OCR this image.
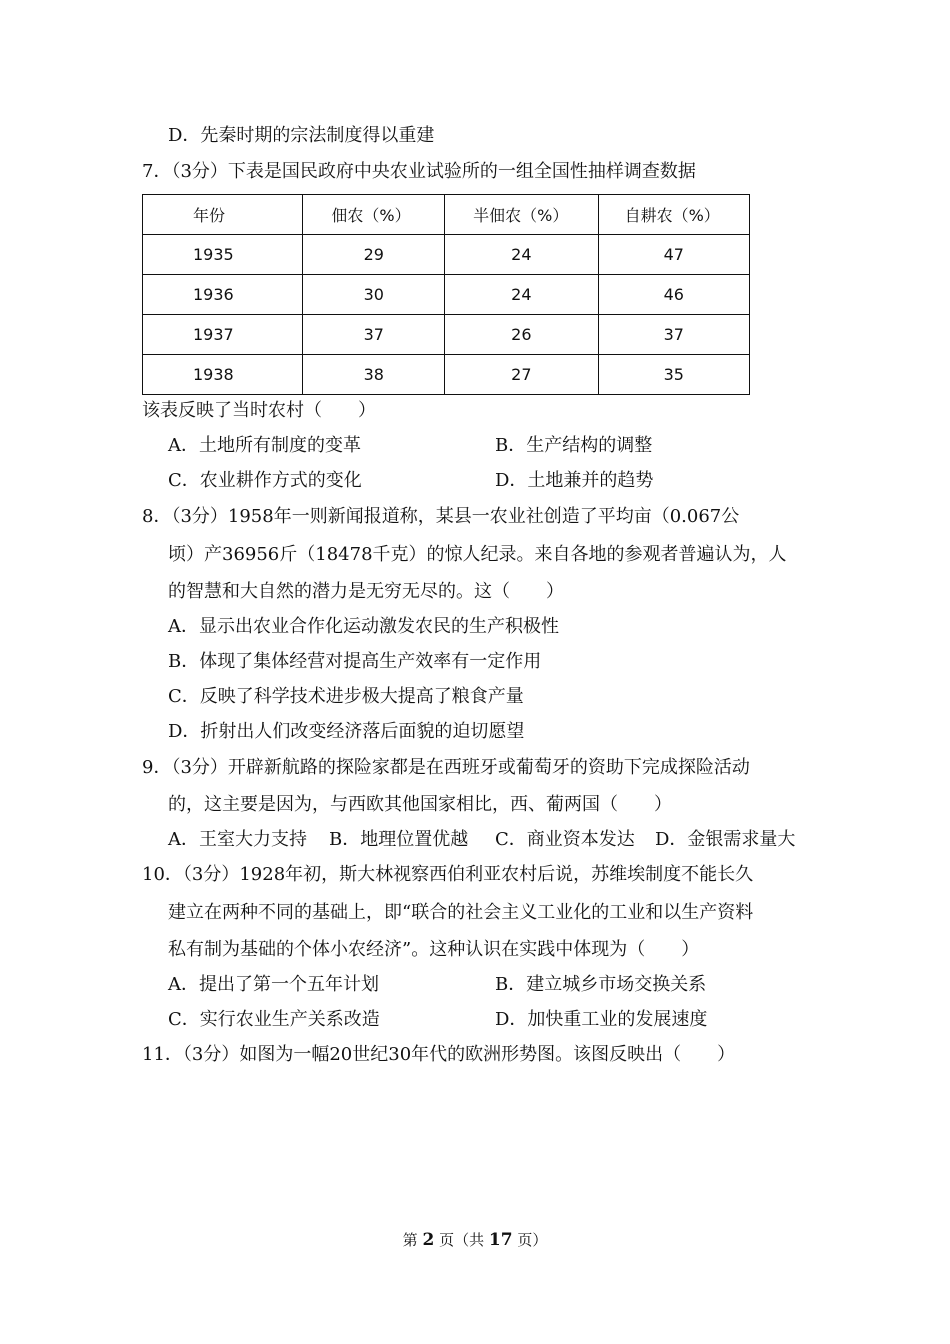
D．先秦时期的宗法制度得以重建
7．（3分）下表是国民政府中央农业试验所的一组全国性抽样调查数据
年份	佃农（%）	半佃农（%）	自耕农（%）
1935	29	24	47
1936	30	24	46
1937	37	26	37
1938	38	27	35
该表反映了当时农村（　　）
A．土地所有制度的变革	B．生产结构的调整
C．农业耕作方式的变化	D．土地兼并的趋势
8．（3分）1958年一则新闻报道称，某县一农业社创造了平均亩（0.067公
顷）产36956斤（18478千克）的惊人纪录。来自各地的参观者普遍认为，人
的智慧和大自然的潜力是无穷无尽的。这（　　）
A．显示出农业合作化运动激发农民的生产积极性
B．体现了集体经营对提高生产效率有一定作用
C．反映了科学技术进步极大提高了粮食产量
D．折射出人们改变经济落后面貌的迫切愿望
9．（3分）开辟新航路的探险家都是在西班牙或葡萄牙的资助下完成探险活动
的，这主要是因为，与西欧其他国家相比，西、葡两国（　　）
A．王室大力支持 B．地理位置优越 C．商业资本发达 D．金银需求量大
10．（3分）1928年初，斯大林视察西伯利亚农村后说，苏维埃制度不能长久
建立在两种不同的基础上，即“联合的社会主义工业化的工业和以生产资料
私有制为基础的个体小农经济”。这种认识在实践中体现为（　　）
A．提出了第一个五年计划	B．建立城乡市场交换关系
C．实行农业生产关系改造	D．加快重工业的发展速度
11．（3分）如图为一幅20世纪30年代的欧洲形势图。该图反映出（　　）
第 2 页（共 17 页）
